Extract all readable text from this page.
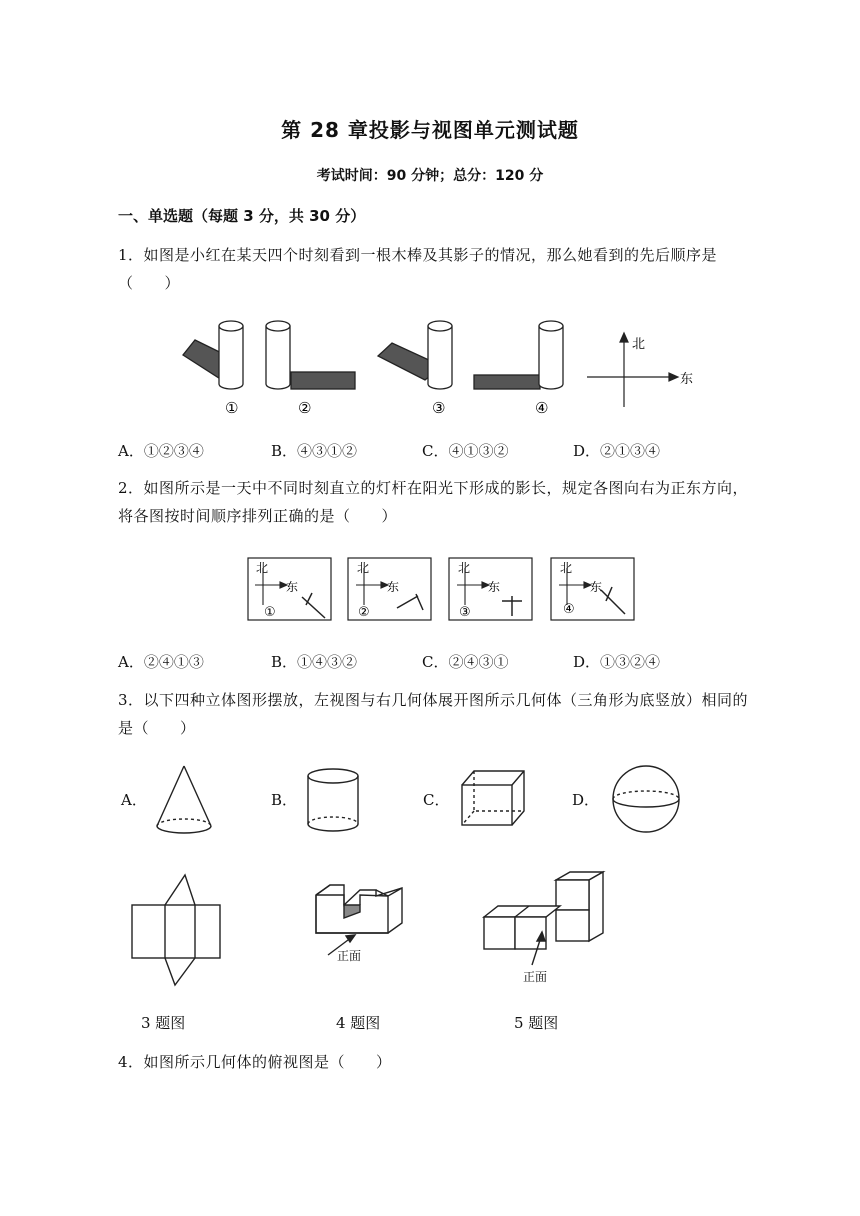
第 28 章投影与视图单元测试题
考试时间：90 分钟；总分：120 分
一、单选题（每题 3 分，共 30 分）
1．如图是小红在某天四个时刻看到一根木棒及其影子的情况，那么她看到的先后顺序是（　　）
①	②	③	④
北
东
A．①②③④	B．④③①②	C．④①③②	D．②①③④
2．如图所示是一天中不同时刻直立的灯杆在阳光下形成的影长，规定各图向右为正东方向，将各图按时间顺序排列正确的是（　　）
北
东
①
北
东
②
北
东
③
北
东
④
A．②④①③	B．①④③②	C．②④③①	D．①③②④
3．以下四种立体图形摆放，左视图与右几何体展开图所示几何体（三角形为底竖放）相同的是（　　）
A．	B．	C．	D．
正面
正面
3 题图	4 题图	5 题图
4．如图所示几何体的俯视图是（　　）
